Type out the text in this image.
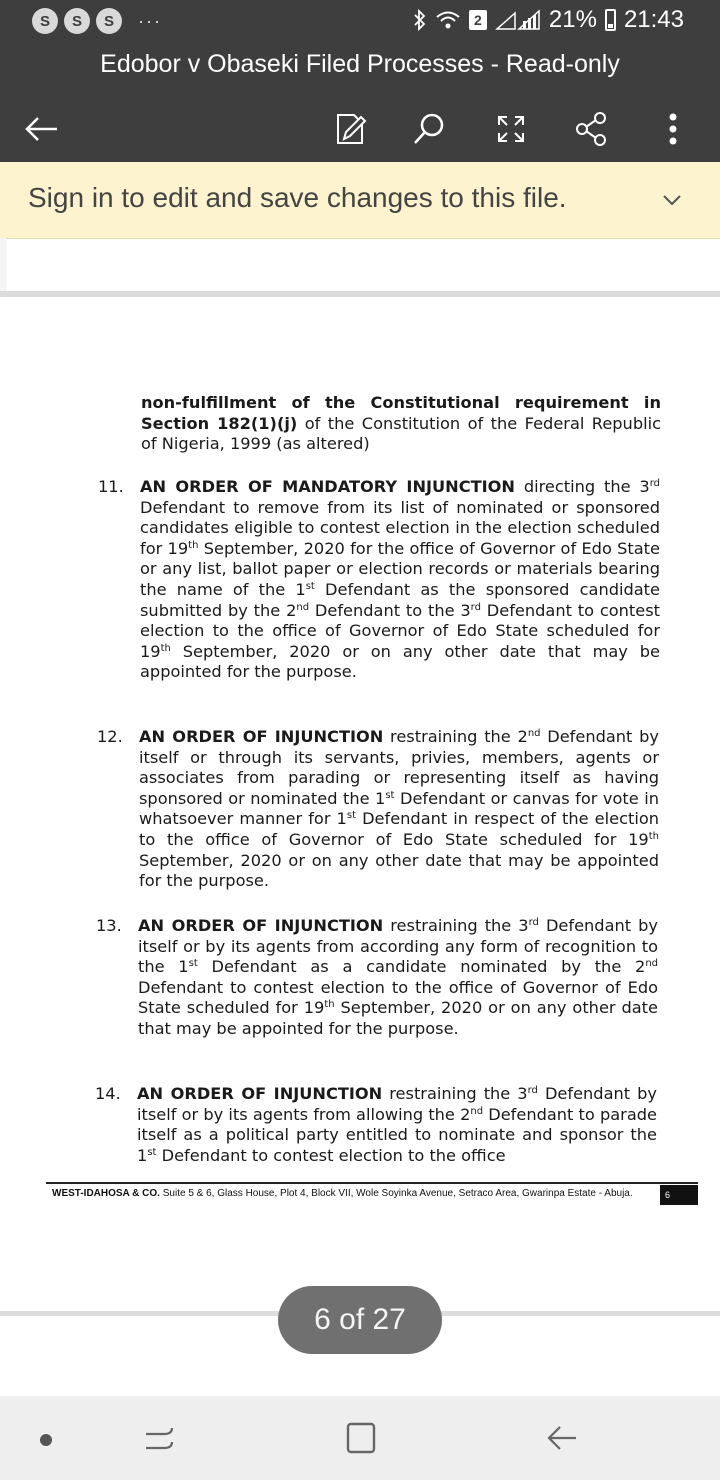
S	S	S	···	2	21% 21:43
Edobor v Obaseki Filed Processes - Read-only
Sign in to edit and save changes to this file.
non-fulfillment of the Constitutional requirement in Section 182(1)(j) of the Constitution of the Federal Republic of Nigeria, 1999 (as altered)
11. AN ORDER OF MANDATORY INJUNCTION directing the 3rd Defendant to remove from its list of nominated or sponsored candidates eligible to contest election in the election scheduled for 19th September, 2020 for the office of Governor of Edo State or any list, ballot paper or election records or materials bearing the name of the 1st Defendant as the sponsored candidate submitted by the 2nd Defendant to the 3rd Defendant to contest election to the office of Governor of Edo State scheduled for 19th September, 2020 or on any other date that may be appointed for the purpose.
12. AN ORDER OF INJUNCTION restraining the 2nd Defendant by itself or through its servants, privies, members, agents or associates from parading or representing itself as having sponsored or nominated the 1st Defendant or canvas for vote in whatsoever manner for 1st Defendant in respect of the election to the office of Governor of Edo State scheduled for 19th September, 2020 or on any other date that may be appointed for the purpose.
13. AN ORDER OF INJUNCTION restraining the 3rd Defendant by itself or by its agents from according any form of recognition to the 1st Defendant as a candidate nominated by the 2nd Defendant to contest election to the office of Governor of Edo State scheduled for 19th September, 2020 or on any other date that may be appointed for the purpose.
14. AN ORDER OF INJUNCTION restraining the 3rd Defendant by itself or by its agents from allowing the 2nd Defendant to parade itself as a political party entitled to nominate and sponsor the 1st Defendant to contest election to the office
WEST-IDAHOSA & CO. Suite 5 & 6, Glass House, Plot 4, Block VII, Wole Soyinka Avenue, Setraco Area, Gwarinpa Estate - Abuja.	6
6 of 27
